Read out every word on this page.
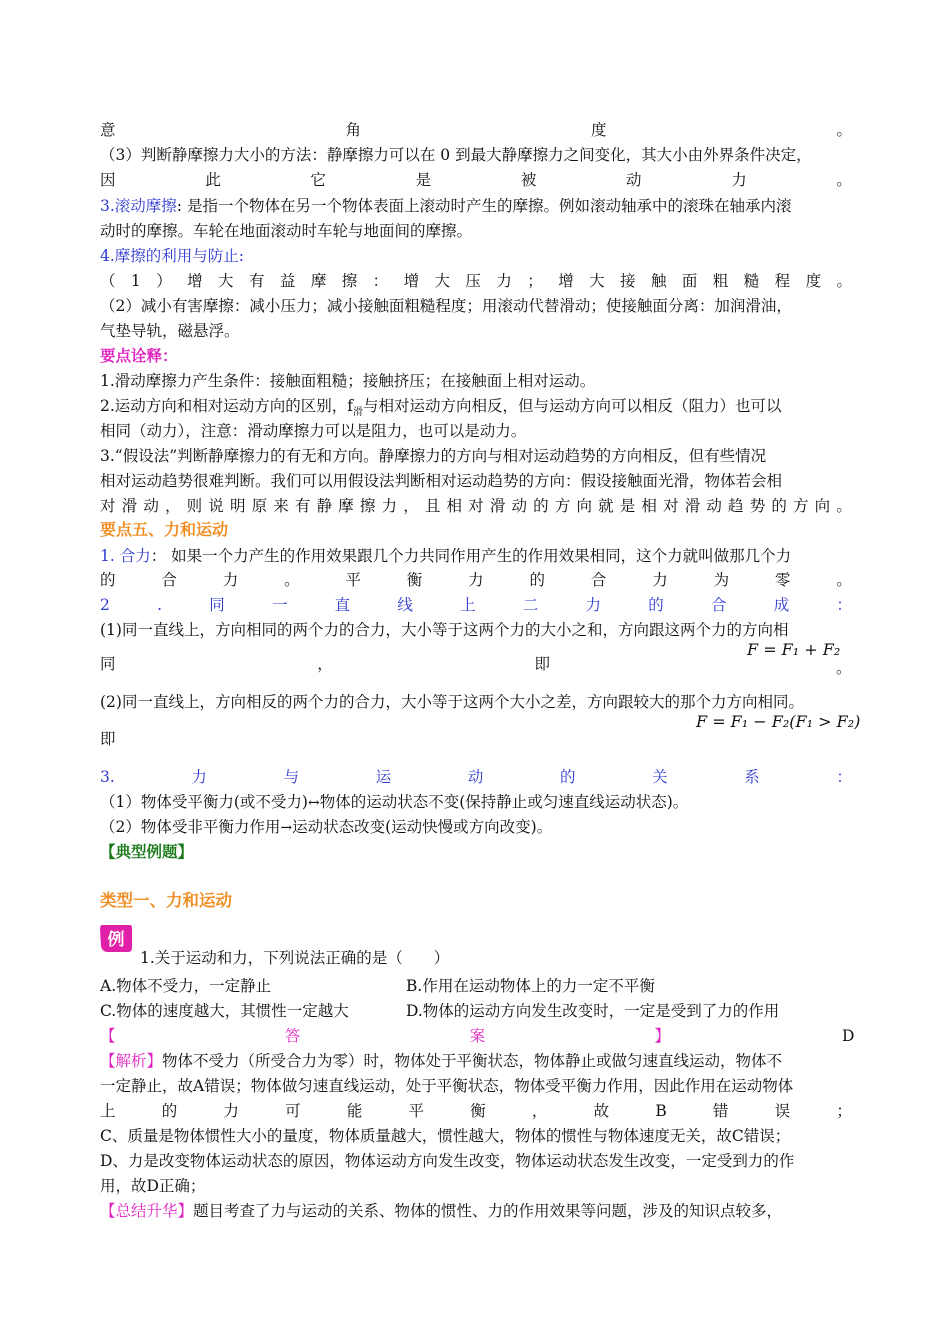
意	角	度	。
（3）判断静摩擦力大小的方法：静摩擦力可以在 0 到最大静摩擦力之间变化，其大小由外界条件决定，
因	此	它	是	被	动	力	。
3.滚动摩擦: 是指一个物体在另一个物体表面上滚动时产生的摩擦。例如滚动轴承中的滚珠在轴承内滚
动时的摩擦。车轮在地面滚动时车轮与地面间的摩擦。
4.摩擦的利用与防止:
（ 1 ） 增 大 有 益 摩 擦 ： 增 大 压 力 ； 增 大 接 触 面 粗 糙 程 度 。
（2）减小有害摩擦：减小压力；减小接触面粗糙程度；用滚动代替滑动；使接触面分离：加润滑油，
气垫导轨，磁悬浮。
要点诠释：
1.滑动摩擦力产生条件：接触面粗糙；接触挤压；在接触面上相对运动。
2.运动方向和相对运动方向的区别，$f_滑$与相对运动方向相反，但与运动方向可以相反（阻力）也可以
相同（动力），注意：滑动摩擦力可以是阻力，也可以是动力。
3.“假设法”判断静摩擦力的有无和方向。静摩擦力的方向与相对运动趋势的方向相反，但有些情况
相对运动趋势很难判断。我们可以用假设法判断相对运动趋势的方向：假设接触面光滑，物体若会相
对 滑 动 ， 则 说 明 原 来 有 静 摩 擦 力 ， 且 相 对 滑 动 的 方 向 就 是 相 对 滑 动 趋 势 的 方 向 。
要点五、力和运动
1. 合力： 如果一个力产生的作用效果跟几个力共同作用产生的作用效果相同，这个力就叫做那几个力
的	合	力	。	平	衡	力	的	合	力	为	零	。
2	.	同	一	直	线	上	二	力	的	合	成	：
(1)同一直线上，方向相同的两个力的合力，大小等于这两个力的大小之和，方向跟这两个力的方向相
同	，	即
F = F₁ + F₂
。
(2)同一直线上，方向相反的两个力的合力，大小等于这两个大小之差，方向跟较大的那个力方向相同。
F = F₁ − F₂(F₁ > F₂)
即
3.	力	与	运	动	的	关	系	：
（1）物体受平衡力(或不受力)↔物体的运动状态不变(保持静止或匀速直线运动状态)。
（2）物体受非平衡力作用→运动状态改变(运动快慢或方向改变)。
【典型例题】
类型一、力和运动
例
1.关于运动和力，下列说法正确的是（　　）
A.物体不受力，一定静止	B.作用在运动物体上的力一定不平衡
C.物体的速度越大，其惯性一定越大	D.物体的运动方向发生改变时，一定是受到了力的作用
【	答	案	】	D
【解析】物体不受力（所受合力为零）时，物体处于平衡状态，物体静止或做匀速直线运动，物体不
一定静止，故A错误；物体做匀速直线运动，处于平衡状态，物体受平衡力作用，因此作用在运动物体
上	的	力	可	能	平	衡	，	故	B	错	误	；
C、质量是物体惯性大小的量度，物体质量越大，惯性越大，物体的惯性与物体速度无关，故C错误；
D、力是改变物体运动状态的原因，物体运动方向发生改变，物体运动状态发生改变，一定受到力的作
用，故D正确；
【总结升华】题目考查了力与运动的关系、物体的惯性、力的作用效果等问题，涉及的知识点较多，
